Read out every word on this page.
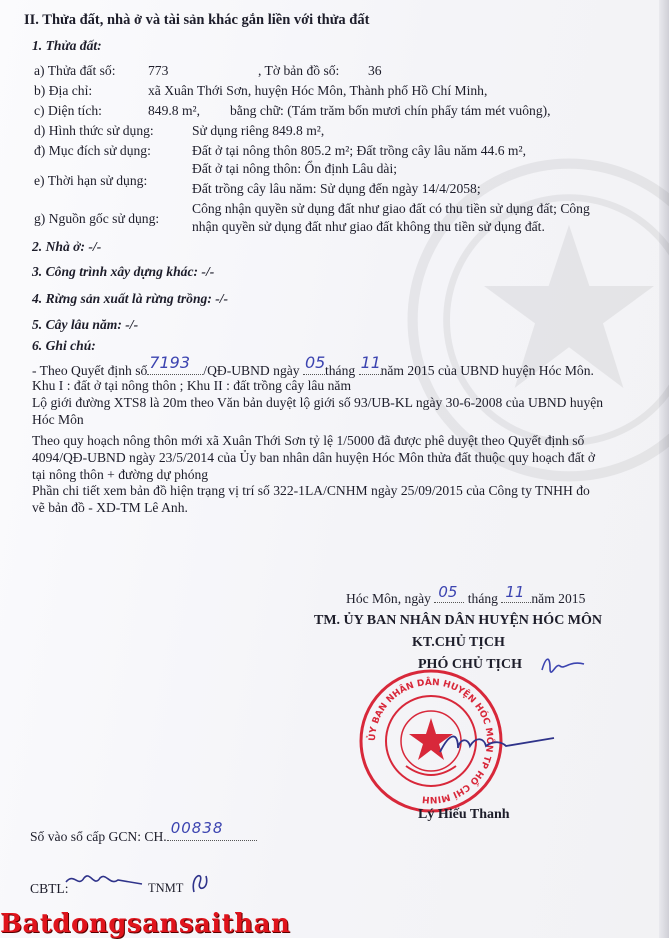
II. Thửa đất, nhà ở và tài sản khác gắn liền với thửa đất
1. Thửa đất:
a) Thửa đất số: 773	, Tờ bản đồ số: 36
b) Địa chỉ:	xã Xuân Thới Sơn, huyện Hóc Môn, Thành phố Hồ Chí Minh,
c) Diện tích:	849.8 m², bằng chữ: (Tám trăm bốn mươi chín phẩy tám mét vuông),
d) Hình thức sử dụng:	Sử dụng riêng 849.8 m²,
đ) Mục đích sử dụng:	Đất ở tại nông thôn 805.2 m²; Đất trồng cây lâu năm 44.6 m²,
e) Thời hạn sử dụng:
Đất ở tại nông thôn: Ổn định Lâu dài;
Đất trồng cây lâu năm: Sử dụng đến ngày 14/4/2058;
g) Nguồn gốc sử dụng:
Công nhận quyền sử dụng đất như giao đất có thu tiền sử dụng đất; Công
nhận quyền sử dụng đất như giao đất không thu tiền sử dụng đất.
2. Nhà ở: -/-
3. Công trình xây dựng khác: -/-
4. Rừng sản xuất là rừng trồng: -/-
5. Cây lâu năm: -/-
6. Ghi chú:
- Theo Quyết định số 7193 /QĐ-UBND ngày 05 tháng 11 năm 2015 của UBND huyện Hóc Môn.
Khu I : đất ở tại nông thôn ; Khu II : đất trồng cây lâu năm
Lộ giới đường XTS8 là 20m theo Văn bản duyệt lộ giới số 93/UB-KL ngày 30-6-2008 của UBND huyện
Hóc Môn
Theo quy hoạch nông thôn mới xã Xuân Thới Sơn tỷ lệ 1/5000 đã được phê duyệt theo Quyết định số
4094/QĐ-UBND ngày 23/5/2014 của Ủy ban nhân dân huyện Hóc Môn thửa đất thuộc quy hoạch đất ở
tại nông thôn + đường dự phóng
Phần chi tiết xem bản đồ hiện trạng vị trí số 322-1LA/CNHM ngày 25/09/2015 của Công ty TNHH đo
vẽ bản đồ - XD-TM Lê Anh.
Hóc Môn, ngày 05 tháng 11 năm 2015
TM. ỦY BAN NHÂN DÂN HUYỆN HÓC MÔN
KT.CHỦ TỊCH
PHÓ CHỦ TỊCH
ỦY BAN NHÂN DÂN HUYỆN HÓC MÔN TP HỒ CHÍ MINH
Lý Hiếu Thanh
Số vào sổ cấp GCN: CH. 00838
CBTL:	TNMT
Batdongsansaithan
